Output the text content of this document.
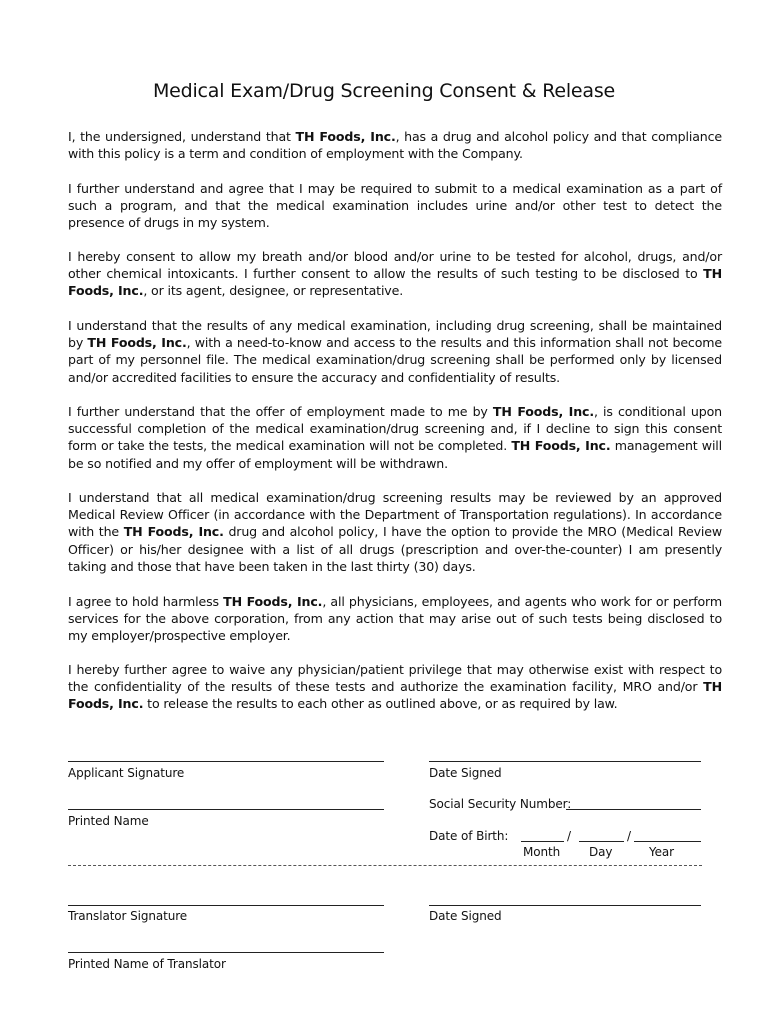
Medical Exam/Drug Screening Consent & Release

I, the undersigned, understand that TH Foods, Inc., has a drug and alcohol policy and that compliance with this policy is a term and condition of employment with the Company.

I further understand and agree that I may be required to submit to a medical examination as a part of such a program, and that the medical examination includes urine and/or other test to detect the presence of drugs in my system.

I hereby consent to allow my breath and/or blood and/or urine to be tested for alcohol, drugs, and/or other chemical intoxicants. I further consent to allow the results of such testing to be disclosed to TH Foods, Inc., or its agent, designee, or representative.

I understand that the results of any medical examination, including drug screening, shall be maintained by TH Foods, Inc., with a need-to-know and access to the results and this information shall not become part of my personnel file. The medical examination/drug screening shall be performed only by licensed and/or accredited facilities to ensure the accuracy and confidentiality of results.

I further understand that the offer of employment made to me by TH Foods, Inc., is conditional upon successful completion of the medical examination/drug screening and, if I decline to sign this consent form or take the tests, the medical examination will not be completed. TH Foods, Inc. management will be so notified and my offer of employment will be withdrawn.

I understand that all medical examination/drug screening results may be reviewed by an approved Medical Review Officer (in accordance with the Department of Transportation regulations). In accordance with the TH Foods, Inc. drug and alcohol policy, I have the option to provide the MRO (Medical Review Officer) or his/her designee with a list of all drugs (prescription and over-the-counter) I am presently taking and those that have been taken in the last thirty (30) days.

I agree to hold harmless TH Foods, Inc., all physicians, employees, and agents who work for or perform services for the above corporation, from any action that may arise out of such tests being disclosed to my employer/prospective employer.

I hereby further agree to waive any physician/patient privilege that may otherwise exist with respect to the confidentiality of the results of these tests and authorize the examination facility, MRO and/or TH Foods, Inc. to release the results to each other as outlined above, or as required by law.

Applicant Signature	Date Signed
Printed Name
Social Security Number:
Date of Birth:	/	/
Month Day	Year
Translator Signature	Date Signed
Printed Name of Translator
